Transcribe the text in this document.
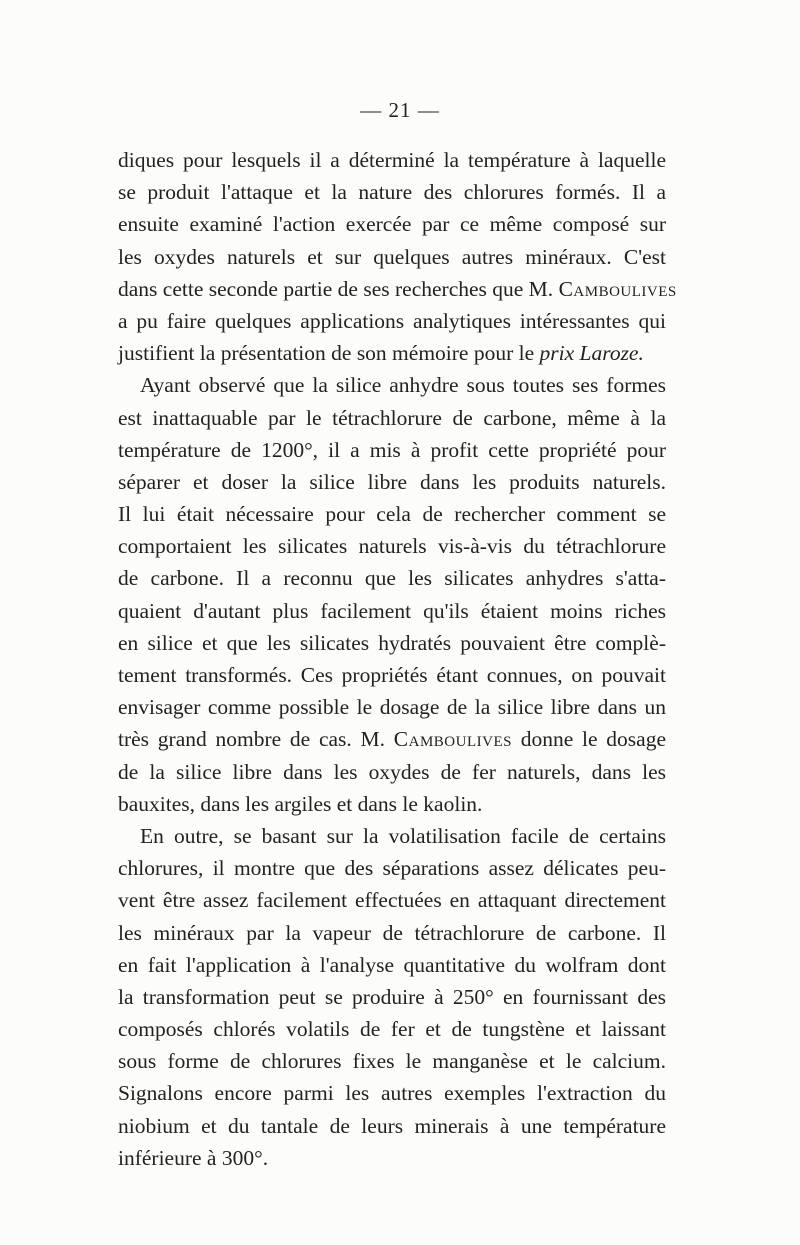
— 21 —
diques pour lesquels il a déterminé la température à laquelle
se produit l'attaque et la nature des chlorures formés. Il a
ensuite examiné l'action exercée par ce même composé sur
les oxydes naturels et sur quelques autres minéraux. C'est
dans cette seconde partie de ses recherches que M. Camboulives
a pu faire quelques applications analytiques intéressantes qui
justifient la présentation de son mémoire pour le prix Laroze.
Ayant observé que la silice anhydre sous toutes ses formes
est inattaquable par le tétrachlorure de carbone, même à la
température de 1200°, il a mis à profit cette propriété pour
séparer et doser la silice libre dans les produits naturels.
Il lui était nécessaire pour cela de rechercher comment se
comportaient les silicates naturels vis-à-vis du tétrachlorure
de carbone. Il a reconnu que les silicates anhydres s'atta-
quaient d'autant plus facilement qu'ils étaient moins riches
en silice et que les silicates hydratés pouvaient être complè-
tement transformés. Ces propriétés étant connues, on pouvait
envisager comme possible le dosage de la silice libre dans un
très grand nombre de cas. M. Camboulives donne le dosage
de la silice libre dans les oxydes de fer naturels, dans les
bauxites, dans les argiles et dans le kaolin.
En outre, se basant sur la volatilisation facile de certains
chlorures, il montre que des séparations assez délicates peu-
vent être assez facilement effectuées en attaquant directement
les minéraux par la vapeur de tétrachlorure de carbone. Il
en fait l'application à l'analyse quantitative du wolfram dont
la transformation peut se produire à 250° en fournissant des
composés chlorés volatils de fer et de tungstène et laissant
sous forme de chlorures fixes le manganèse et le calcium.
Signalons encore parmi les autres exemples l'extraction du
niobium et du tantale de leurs minerais à une température
inférieure à 300°.
